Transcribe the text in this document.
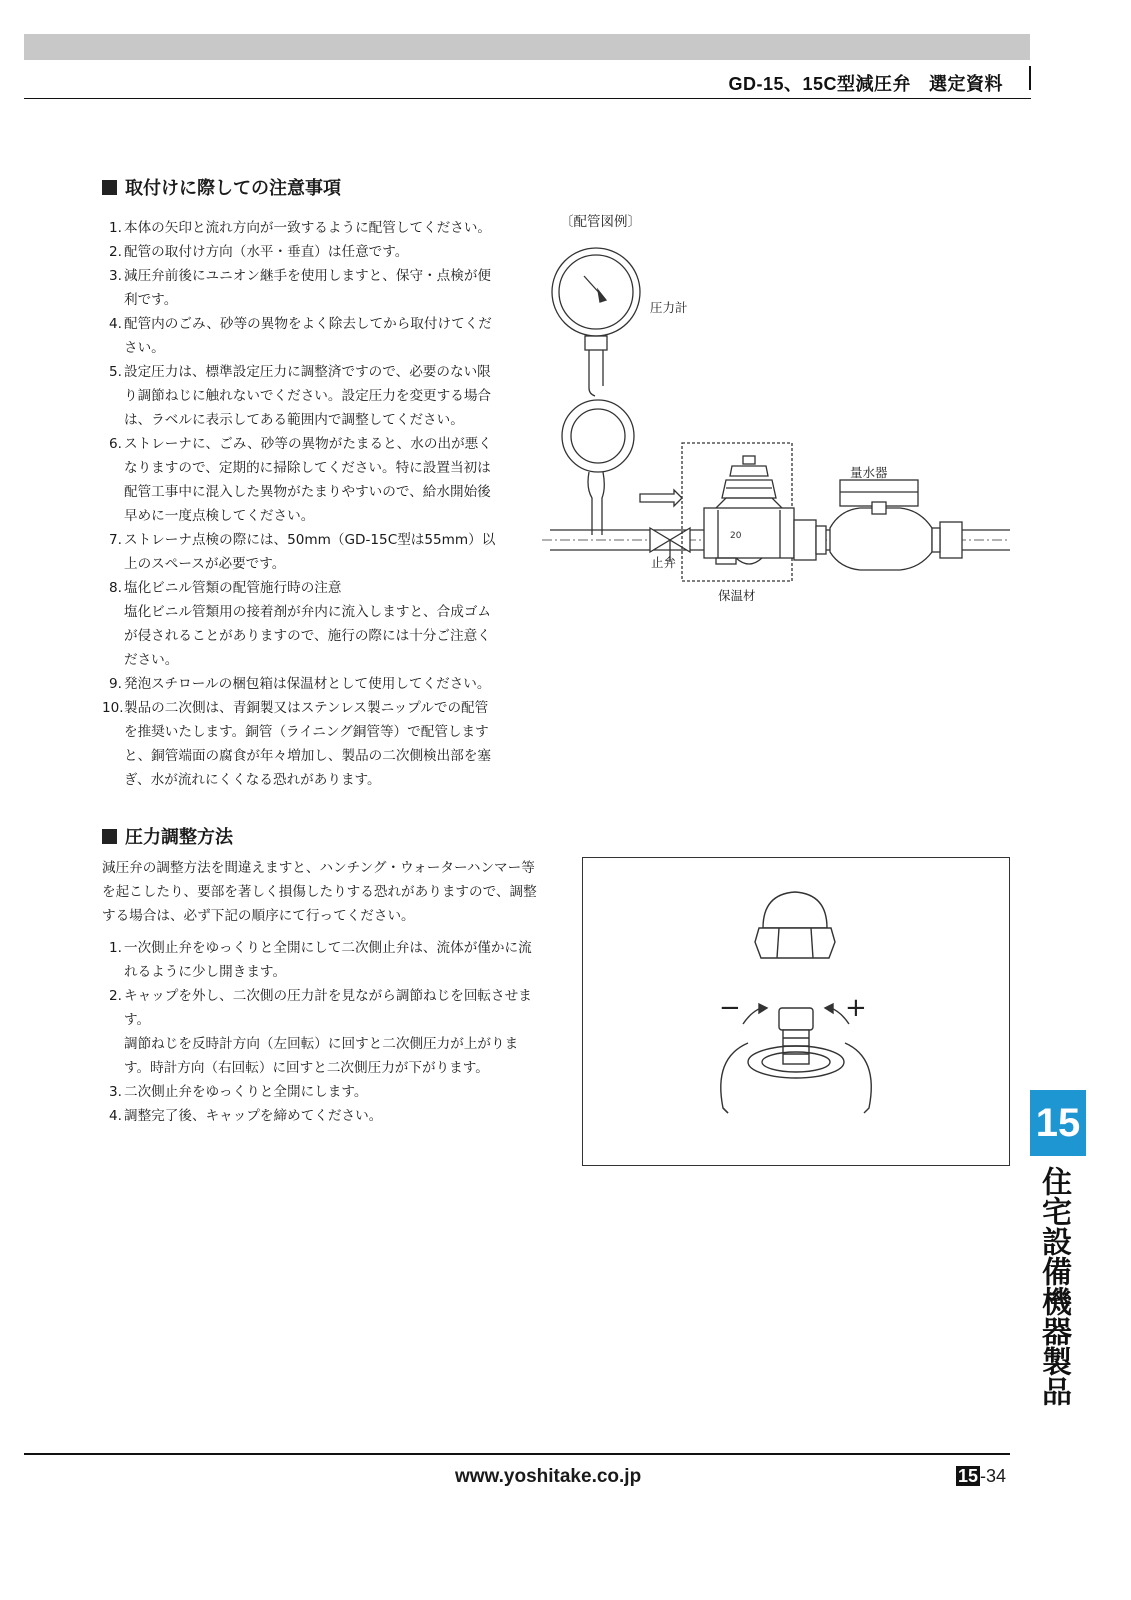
GD-15、15C型減圧弁 選定資料
取付けに際しての注意事項
1. 本体の矢印と流れ方向が一致するように配管してください。
2. 配管の取付け方向（水平・垂直）は任意です。
3. 減圧弁前後にユニオン継手を使用しますと、保守・点検が便利です。
4. 配管内のごみ、砂等の異物をよく除去してから取付けてください。
5. 設定圧力は、標準設定圧力に調整済ですので、必要のない限り調節ねじに触れないでください。設定圧力を変更する場合は、ラベルに表示してある範囲内で調整してください。
6. ストレーナに、ごみ、砂等の異物がたまると、水の出が悪くなりますので、定期的に掃除してください。特に設置当初は配管工事中に混入した異物がたまりやすいので、給水開始後早めに一度点検してください。
7. ストレーナ点検の際には、50mm（GD-15C型は55mm）以上のスペースが必要です。
8. 塩化ビニル管類の配管施行時の注意
塩化ビニル管類用の接着剤が弁内に流入しますと、合成ゴムが侵されることがありますので、施行の際には十分ご注意ください。
9. 発泡スチロールの梱包箱は保温材として使用してください。
10. 製品の二次側は、青銅製又はステンレス製ニップルでの配管を推奨いたします。銅管（ライニング銅管等）で配管しますと、銅管端面の腐食が年々増加し、製品の二次側検出部を塞ぎ、水が流れにくくなる恐れがあります。
〔配管図例〕
20
圧力計
量水器
止弁
保温材
圧力調整方法
減圧弁の調整方法を間違えますと、ハンチング・ウォーターハンマー等を起こしたり、要部を著しく損傷したりする恐れがありますので、調整する場合は、必ず下記の順序にて行ってください。
1. 一次側止弁をゆっくりと全開にして二次側止弁は、流体が僅かに流れるように少し開きます。
2. キャップを外し、二次側の圧力計を見ながら調節ねじを回転させます。
調節ねじを反時計方向（左回転）に回すと二次側圧力が上がります。時計方向（右回転）に回すと二次側圧力が下がります。
3. 二次側止弁をゆっくりと全開にします。
4. 調整完了後、キャップを締めてください。
−	+
15
住宅設備機器製品
www.yoshitake.co.jp	15 -34
